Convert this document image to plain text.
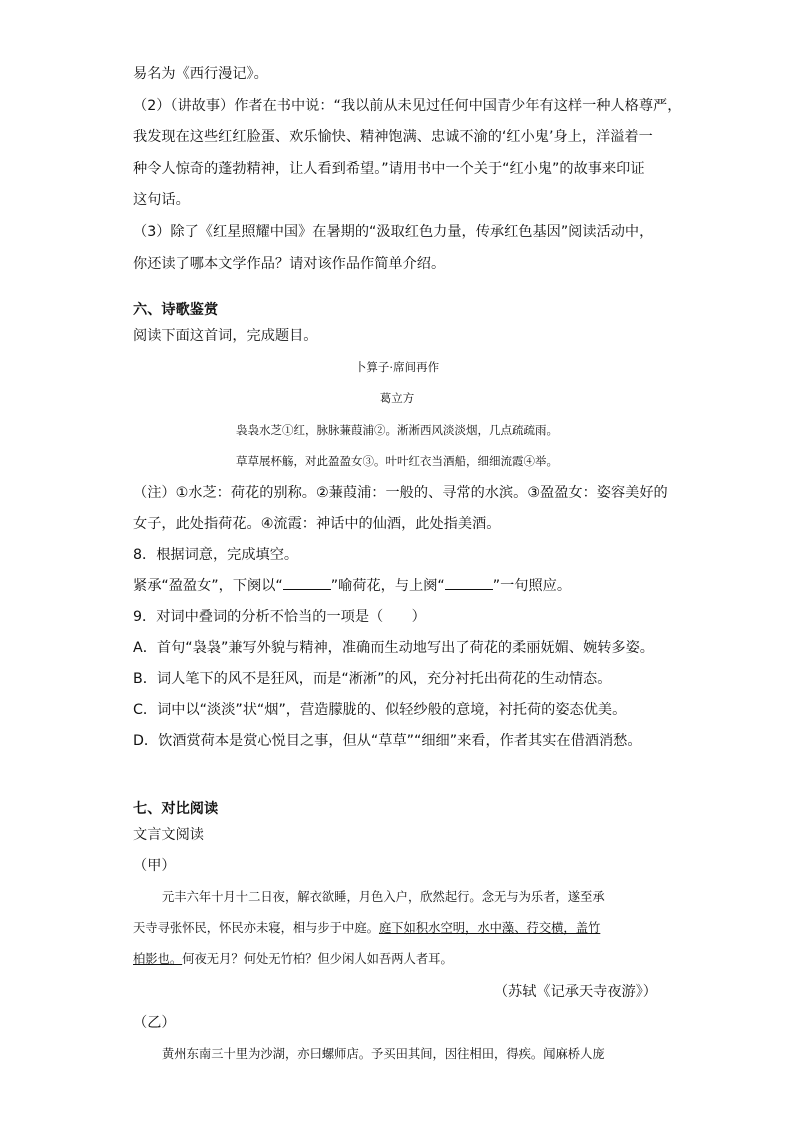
易名为《西行漫记》。
（2）（讲故事）作者在书中说：“我以前从未见过任何中国青少年有这样一种人格尊严，
我发现在这些红红脸蛋、欢乐愉快、精神饱满、忠诚不渝的‘红小鬼’身上，洋溢着一
种令人惊奇的蓬勃精神，让人看到希望。”请用书中一个关于“红小鬼”的故事来印证
这句话。
（3）除了《红星照耀中国》在暑期的“汲取红色力量，传承红色基因”阅读活动中，
你还读了哪本文学作品？请对该作品作简单介绍。
六、诗歌鉴赏
阅读下面这首词，完成题目。
卜算子·席间再作
葛立方
袅袅水芝①红，脉脉蒹葭浦②。淅淅西风淡淡烟，几点疏疏雨。
草草展杯觞，对此盈盈女③。叶叶红衣当酒船，细细流霞④举。
（注）①水芝：荷花的别称。②蒹葭浦：一般的、寻常的水滨。③盈盈女：姿容美好的
女子，此处指荷花。④流霞：神话中的仙酒，此处指美酒。
8．根据词意，完成填空。
紧承“盈盈女”，下阕以“	”喻荷花，与上阕“	”一句照应。
9．对词中叠词的分析不恰当的一项是（　　）
A．首句“袅袅”兼写外貌与精神，准确而生动地写出了荷花的柔丽妩媚、婉转多姿。
B．词人笔下的风不是狂风，而是“淅淅”的风，充分衬托出荷花的生动情态。
C．词中以“淡淡”状“烟”，营造朦胧的、似轻纱般的意境，衬托荷的姿态优美。
D．饮酒赏荷本是赏心悦目之事，但从“草草”“细细”来看，作者其实在借酒消愁。
七、对比阅读
文言文阅读
（甲）
元丰六年十月十二日夜，解衣欲睡，月色入户，欣然起行。念无与为乐者，遂至承
天寺寻张怀民，怀民亦未寝，相与步于中庭。庭下如积水空明，水中藻、荇交横，盖竹
柏影也。何夜无月？何处无竹柏？但少闲人如吾两人者耳。
（苏轼《记承天寺夜游》）
（乙）
黄州东南三十里为沙湖，亦曰螺师店。予买田其间，因往相田，得疾。闻麻桥人庞
